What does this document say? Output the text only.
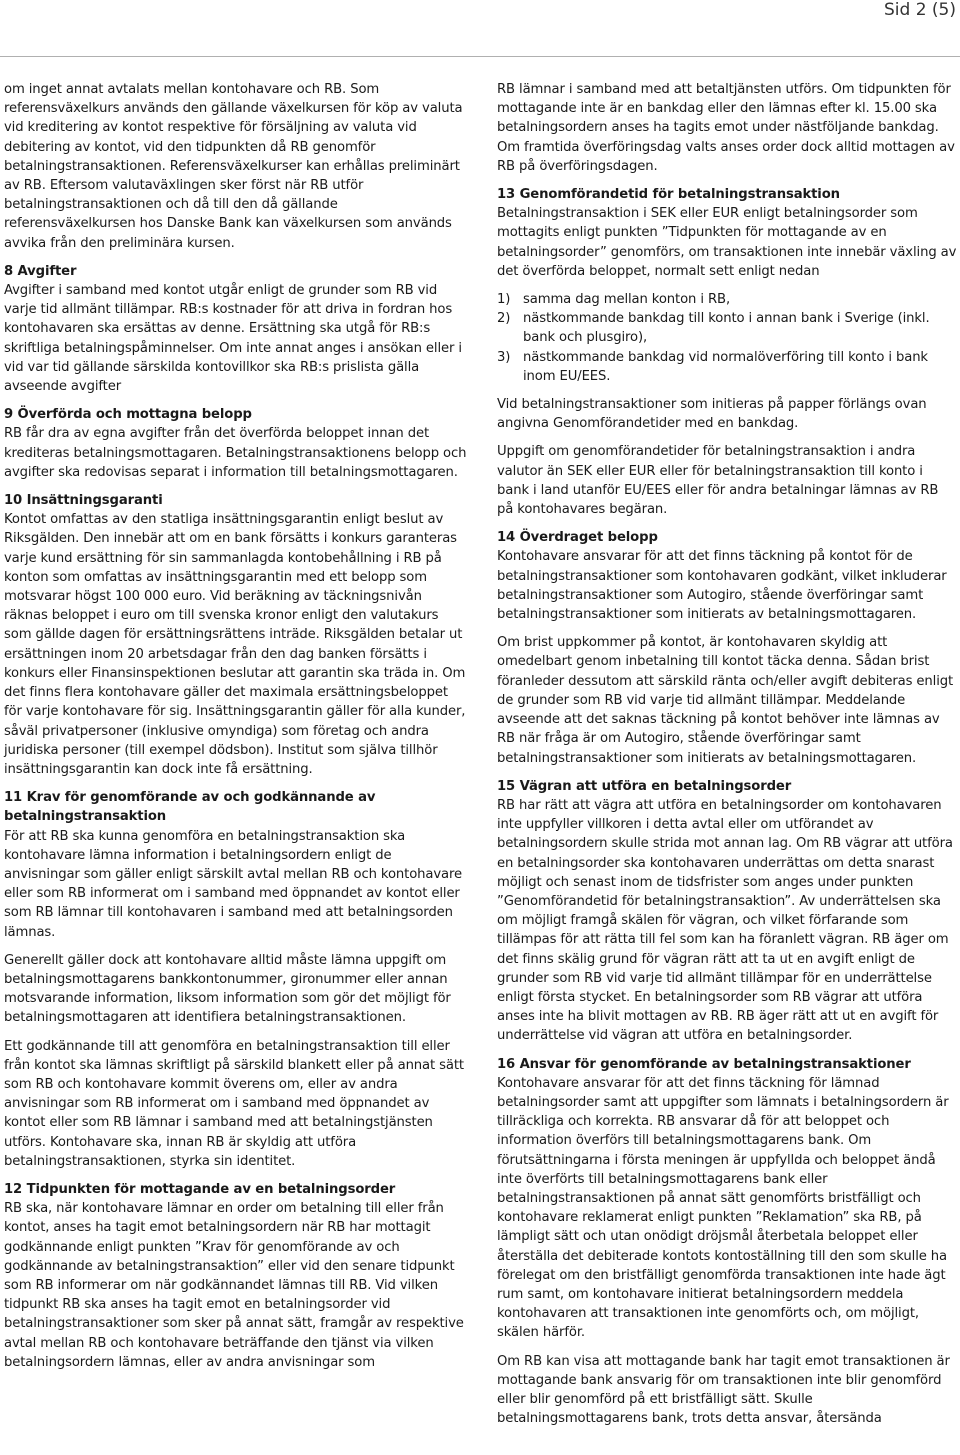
Sid 2 (5)

om inget annat avtalats mellan kontohavare och RB. Som referensväxelkurs används den gällande växelkursen för köp av valuta vid kreditering av kontot respektive för försäljning av valuta vid debitering av kontot, vid den tidpunkten då RB genomför betalningstransaktionen. Referensväxelkurser kan erhållas preliminärt av RB. Eftersom valutaväxlingen sker först när RB utför betalningstransaktionen och då till den då gällande referensväxelkursen hos Danske Bank kan växelkursen som används avvika från den preliminära kursen.

8 Avgifter

Avgifter i samband med kontot utgår enligt de grunder som RB vid varje tid allmänt tillämpar. RB:s kostnader för att driva in fordran hos kontohavaren ska ersättas av denne. Ersättning ska utgå för RB:s skriftliga betalningspåminnelser. Om inte annat anges i ansökan eller i vid var tid gällande särskilda kontovillkor ska RB:s prislista gälla avseende avgifter

9 Överförda och mottagna belopp

RB får dra av egna avgifter från det överförda beloppet innan det krediteras betalningsmottagaren. Betalningstransaktionens belopp och avgifter ska redovisas separat i information till betalningsmottagaren.

10 Insättningsgaranti

Kontot omfattas av den statliga insättningsgarantin enligt beslut av Riksgälden. Den innebär att om en bank försätts i konkurs garanteras varje kund ersättning för sin sammanlagda kontobehållning i RB på konton som omfattas av insättningsgarantin med ett belopp som motsvarar högst 100 000 euro. Vid beräkning av täckningsnivån räknas beloppet i euro om till svenska kronor enligt den valutakurs som gällde dagen för ersättningsrättens inträde. Riksgälden betalar ut ersättningen inom 20 arbetsdagar från den dag banken försätts i konkurs eller Finansinspektionen beslutar att garantin ska träda in. Om det finns flera kontohavare gäller det maximala ersättningsbeloppet för varje kontohavare för sig. Insättningsgarantin gäller för alla kunder, såväl privatpersoner (inklusive omyndiga) som företag och andra juridiska personer (till exempel dödsbon). Institut som själva tillhör insättningsgarantin kan dock inte få ersättning.

11 Krav för genomförande av och godkännande av betalningstransaktion

För att RB ska kunna genomföra en betalningstransaktion ska kontohavare lämna information i betalningsordern enligt de anvisningar som gäller enligt särskilt avtal mellan RB och kontohavare eller som RB informerat om i samband med öppnandet av kontot eller som RB lämnar till kontohavaren i samband med att betalningsorden lämnas.

Generellt gäller dock att kontohavare alltid måste lämna uppgift om betalningsmottagarens bankkontonummer, gironummer eller annan motsvarande information, liksom information som gör det möjligt för betalningsmottagaren att identifiera betalningstransaktionen.

Ett godkännande till att genomföra en betalningstransaktion till eller från kontot ska lämnas skriftligt på särskild blankett eller på annat sätt som RB och kontohavare kommit överens om, eller av andra anvisningar som RB informerat om i samband med öppnandet av kontot eller som RB lämnar i samband med att betalningstjänsten utförs. Kontohavare ska, innan RB är skyldig att utföra betalningstransaktionen, styrka sin identitet.

12 Tidpunkten för mottagande av en betalningsorder

RB ska, när kontohavare lämnar en order om betalning till eller från kontot, anses ha tagit emot betalningsordern när RB har mottagit godkännande enligt punkten ”Krav för genomförande av och godkännande av betalningstransaktion” eller vid den senare tidpunkt som RB informerar om när godkännandet lämnas till RB. Vid vilken tidpunkt RB ska anses ha tagit emot en betalningsorder vid betalningstransaktioner som sker på annat sätt, framgår av respektive avtal mellan RB och kontohavare beträffande den tjänst via vilken betalningsordern lämnas, eller av andra anvisningar som

RB lämnar i samband med att betaltjänsten utförs. Om tidpunkten för mottagande inte är en bankdag eller den lämnas efter kl. 15.00 ska betalningsordern anses ha tagits emot under nästföljande bankdag. Om framtida överföringsdag valts anses order dock alltid mottagen av RB på överföringsdagen.

13 Genomförandetid för betalningstransaktion

Betalningstransaktion i SEK eller EUR enligt betalningsorder som mottagits enligt punkten ”Tidpunkten för mottagande av en betalningsorder” genomförs, om transaktionen inte innebär växling av det överförda beloppet, normalt sett enligt nedan

1) samma dag mellan konton i RB,
2) nästkommande bankdag till konto i annan bank i Sverige (inkl. bank och plusgiro),
3) nästkommande bankdag vid normalöverföring till konto i bank inom EU/EES.

Vid betalningstransaktioner som initieras på papper förlängs ovan angivna Genomförandetider med en bankdag.

Uppgift om genomförandetider för betalningstransaktion i andra valutor än SEK eller EUR eller för betalningstransaktion till konto i bank i land utanför EU/EES eller för andra betalningar lämnas av RB på kontohavares begäran.

14 Överdraget belopp

Kontohavare ansvarar för att det finns täckning på kontot för de betalningstransaktioner som kontohavaren godkänt, vilket inkluderar betalningstransaktioner som Autogiro, stående överföringar samt betalningstransaktioner som initierats av betalningsmottagaren.

Om brist uppkommer på kontot, är kontohavaren skyldig att omedelbart genom inbetalning till kontot täcka denna. Sådan brist föranleder dessutom att särskild ränta och/eller avgift debiteras enligt de grunder som RB vid varje tid allmänt tillämpar. Meddelande avseende att det saknas täckning på kontot behöver inte lämnas av RB när fråga är om Autogiro, stående överföringar samt betalningstransaktioner som initierats av betalningsmottagaren.

15 Vägran att utföra en betalningsorder

RB har rätt att vägra att utföra en betalningsorder om kontohavaren inte uppfyller villkoren i detta avtal eller om utförandet av betalningsordern skulle strida mot annan lag. Om RB vägrar att utföra en betalningsorder ska kontohavaren underrättas om detta snarast möjligt och senast inom de tidsfrister som anges under punkten ”Genomförandetid för betalningstransaktion”. Av underrättelsen ska om möjligt framgå skälen för vägran, och vilket förfarande som tillämpas för att rätta till fel som kan ha föranlett vägran. RB äger om det finns skälig grund för vägran rätt att ta ut en avgift enligt de grunder som RB vid varje tid allmänt tillämpar för en underrättelse enligt första stycket. En betalningsorder som RB vägrar att utföra anses inte ha blivit mottagen av RB. RB äger rätt att ut en avgift för underrättelse vid vägran att utföra en betalningsorder.

16 Ansvar för genomförande av betalningstransaktioner

Kontohavare ansvarar för att det finns täckning för lämnad betalningsorder samt att uppgifter som lämnats i betalningsordern är tillräckliga och korrekta. RB ansvarar då för att beloppet och information överförs till betalningsmottagarens bank. Om förutsättningarna i första meningen är uppfyllda och beloppet ändå inte överförts till betalningsmottagarens bank eller betalningstransaktionen på annat sätt genomförts bristfälligt och kontohavare reklamerat enligt punkten ”Reklamation” ska RB, på lämpligt sätt och utan onödigt dröjsmål återbetala beloppet eller återställa det debiterade kontots kontoställning till den som skulle ha förelegat om den bristfälligt genomförda transaktionen inte hade ägt rum samt, om kontohavare initierat betalningsordern meddela kontohavaren att transaktionen inte genomförts och, om möjligt, skälen härför.

Om RB kan visa att mottagande bank har tagit emot transaktionen är mottagande bank ansvarig för om transaktionen inte blir genomförd eller blir genomförd på ett bristfälligt sätt. Skulle betalningsmottagarens bank, trots detta ansvar, återsända
